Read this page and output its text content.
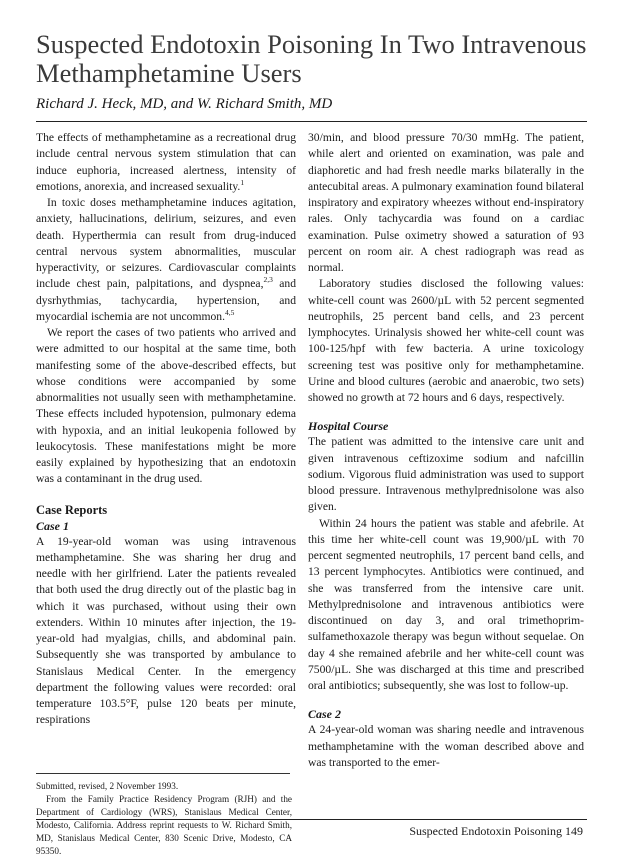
Suspected Endotoxin Poisoning In Two Intravenous
Methamphetamine Users
Richard J. Heck, MD, and W. Richard Smith, MD

The effects of methamphetamine as a recreational drug include central nervous system stimulation that can induce euphoria, increased alertness, intensity of emotions, anorexia, and increased sexuality.$^1$

In toxic doses methamphetamine induces agitation, anxiety, hallucinations, delirium, seizures, and even death. Hyperthermia can result from drug-induced central nervous system abnormalities, muscular hyperactivity, or seizures. Cardiovascular complaints include chest pain, palpitations, and dyspnea,$^{2,3}$ and dysrhythmias, tachycardia, hypertension, and myocardial ischemia are not uncommon.$^{4,5}$

We report the cases of two patients who arrived and were admitted to our hospital at the same time, both manifesting some of the above-described effects, but whose conditions were accompanied by some abnormalities not usually seen with methamphetamine. These effects included hypotension, pulmonary edema with hypoxia, and an initial leukopenia followed by leukocytosis. These manifestations might be more easily explained by hypothesizing that an endotoxin was a contaminant in the drug used.

Case Reports
Case 1

A 19-year-old woman was using intravenous methamphetamine. She was sharing her drug and needle with her girlfriend. Later the patients revealed that both used the drug directly out of the plastic bag in which it was purchased, without using their own extenders. Within 10 minutes after injection, the 19-year-old had myalgias, chills, and abdominal pain. Subsequently she was transported by ambulance to Stanislaus Medical Center. In the emergency department the following values were recorded: oral temperature 103.5°F, pulse 120 beats per minute, respirations

30/min, and blood pressure 70/30 mmHg. The patient, while alert and oriented on examination, was pale and diaphoretic and had fresh needle marks bilaterally in the antecubital areas. A pulmonary examination found bilateral inspiratory and expiratory wheezes without end-inspiratory rales. Only tachycardia was found on a cardiac examination. Pulse oximetry showed a saturation of 93 percent on room air. A chest radiograph was read as normal.

Laboratory studies disclosed the following values: white-cell count was 2600/µL with 52 percent segmented neutrophils, 25 percent band cells, and 23 percent lymphocytes. Urinalysis showed her white-cell count was 100-125/hpf with few bacteria. A urine toxicology screening test was positive only for methamphetamine. Urine and blood cultures (aerobic and anaerobic, two sets) showed no growth at 72 hours and 6 days, respectively.

Hospital Course

The patient was admitted to the intensive care unit and given intravenous ceftizoxime sodium and nafcillin sodium. Vigorous fluid administration was used to support blood pressure. Intravenous methylprednisolone was also given.

Within 24 hours the patient was stable and afebrile. At this time her white-cell count was 19,900/µL with 70 percent segmented neutrophils, 17 percent band cells, and 13 percent lymphocytes. Antibiotics were continued, and she was transferred from the intensive care unit. Methylprednisolone and intravenous antibiotics were discontinued on day 3, and oral trimethoprim-sulfamethoxazole therapy was begun without sequelae. On day 4 she remained afebrile and her white-cell count was 7500/µL. She was discharged at this time and prescribed oral antibiotics; subsequently, she was lost to follow-up.

Case 2

A 24-year-old woman was sharing needle and intravenous methamphetamine with the woman described above and was transported to the emer-

Submitted, revised, 2 November 1993.

From the Family Practice Residency Program (RJH) and the Department of Cardiology (WRS), Stanislaus Medical Center, Modesto, California. Address reprint requests to W. Richard Smith, MD, Stanislaus Medical Center, 830 Scenic Drive, Modesto, CA 95350.

Suspected Endotoxin Poisoning 149
